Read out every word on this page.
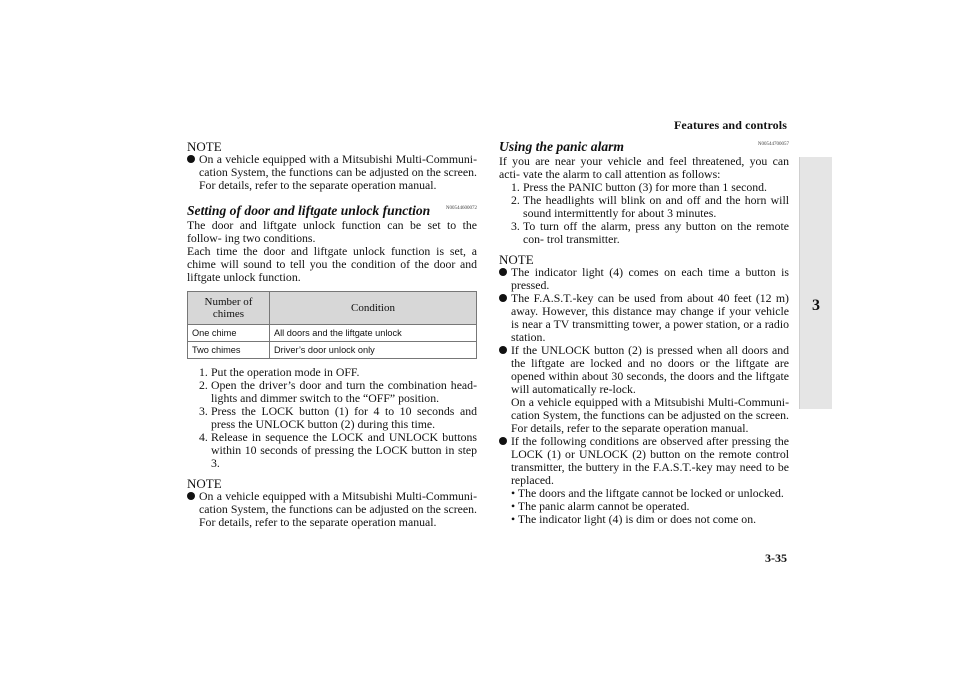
Features and controls
3
3-35
NOTE

On a vehicle equipped with a Mitsubishi Multi-Communi- cation System, the functions can be adjusted on the screen. For details, refer to the separate operation manual.

Setting of door and liftgate unlock function	N00544600072

The door and liftgate unlock function can be set to the follow- ing two conditions.

Each time the door and liftgate unlock function is set, a chime will sound to tell you the condition of the door and liftgate unlock function.

Number of chimes	Condition
One chime	All doors and the liftgate unlock
Two chimes	Driver’s door unlock only
1. Put the operation mode in OFF.
2. Open the driver’s door and turn the combination head- lights and dimmer switch to the “OFF” position.
3. Press the LOCK button (1) for 4 to 10 seconds and press the UNLOCK button (2) during this time.
4. Release in sequence the LOCK and UNLOCK buttons within 10 seconds of pressing the LOCK button in step 3.
NOTE

On a vehicle equipped with a Mitsubishi Multi-Communi- cation System, the functions can be adjusted on the screen. For details, refer to the separate operation manual.

Using the panic alarm	N00544700057

If you are near your vehicle and feel threatened, you can acti- vate the alarm to call attention as follows:

1. Press the PANIC button (3) for more than 1 second.
2. The headlights will blink on and off and the horn will sound intermittently for about 3 minutes.
3. To turn off the alarm, press any button on the remote con- trol transmitter.
NOTE

The indicator light (4) comes on each time a button is pressed.

The F.A.S.T.-key can be used from about 40 feet (12 m) away. However, this distance may change if your vehicle is near a TV transmitting tower, a power station, or a radio station.

If the UNLOCK button (2) is pressed when all doors and the liftgate are locked and no doors or the liftgate are opened within about 30 seconds, the doors and the liftgate will automatically re-lock.

On a vehicle equipped with a Mitsubishi Multi-Communi- cation System, the functions can be adjusted on the screen. For details, refer to the separate operation manual.

If the following conditions are observed after pressing the LOCK (1) or UNLOCK (2) button on the remote control transmitter, the buttery in the F.A.S.T.-key may need to be replaced.

• The doors and the liftgate cannot be locked or unlocked.

• The panic alarm cannot be operated.

• The indicator light (4) is dim or does not come on.
